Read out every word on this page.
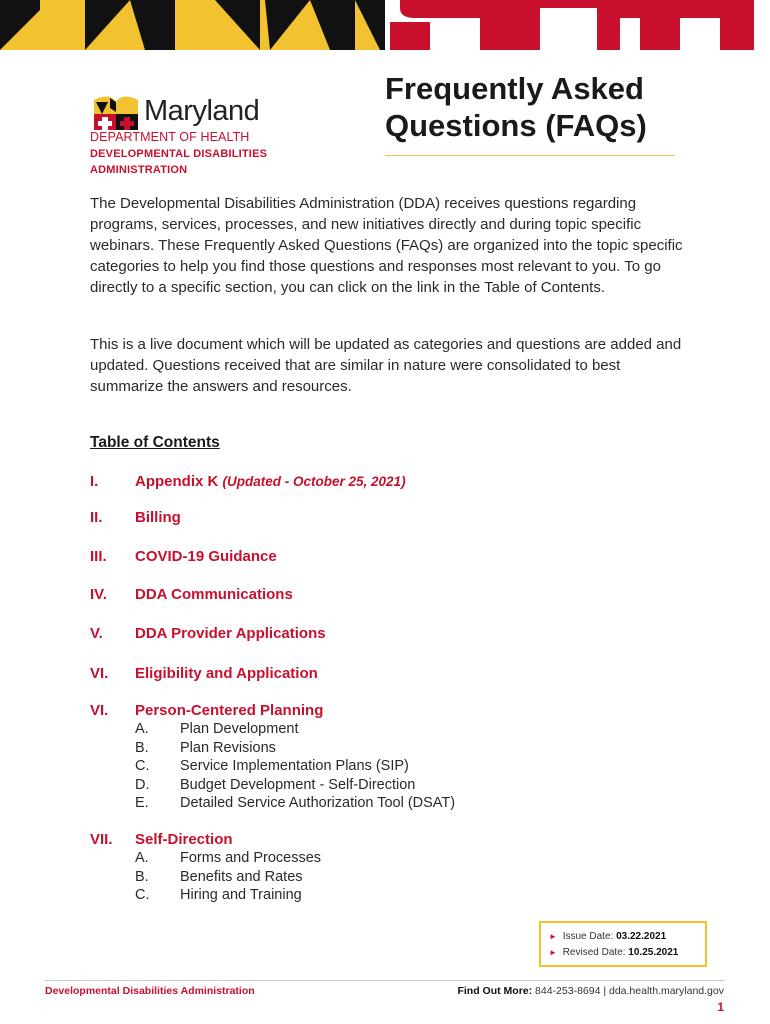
Maryland
DEPARTMENT OF HEALTH
DEVELOPMENTAL DISABILITIES
ADMINISTRATION
Frequently Asked
Questions (FAQs)

The Developmental Disabilities Administration (DDA) receives questions regarding programs, services, processes, and new initiatives directly and during topic specific webinars. These Frequently Asked Questions (FAQs) are organized into the topic specific categories to help you find those questions and responses most relevant to you. To go directly to a specific section, you can click on the link in the Table of Contents.

This is a live document which will be updated as categories and questions are added and updated. Questions received that are similar in nature were consolidated to best summarize the answers and resources.

Table of Contents
I. Appendix K (Updated - October 25, 2021)
II. Billing
III. COVID-19 Guidance
IV. DDA Communications
V. DDA Provider Applications
VI. Eligibility and Application
VI. Person-Centered Planning
A. Plan Development
B. Plan Revisions
C. Service Implementation Plans (SIP)
D. Budget Development - Self-Direction
E. Detailed Service Authorization Tool (DSAT)
VII. Self-Direction
A. Forms and Processes
B. Benefits and Rates
C. Hiring and Training
► Issue Date: 03.22.2021
► Revised Date: 10.25.2021
Developmental Disabilities Administration	Find Out More: 844-253-8694 | dda.health.maryland.gov
1
